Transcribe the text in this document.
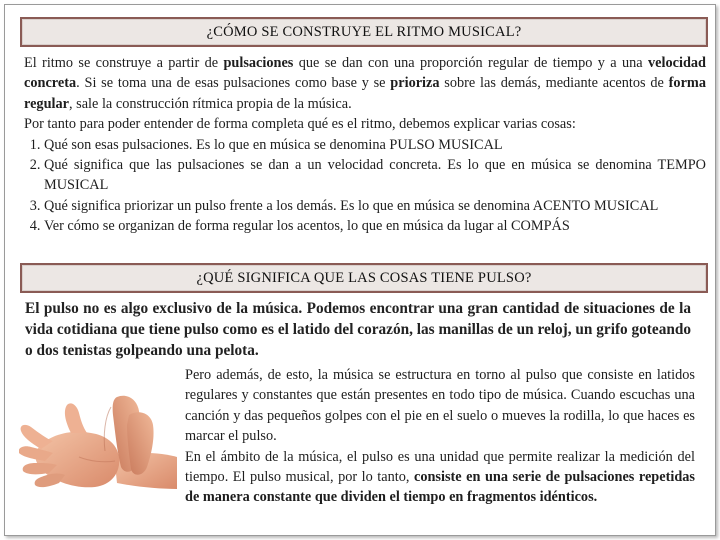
¿CÓMO SE CONSTRUYE EL RITMO MUSICAL?

El ritmo se construye a partir de pulsaciones que se dan con una proporción regular de tiempo y a una velocidad concreta. Si se toma una de esas pulsaciones como base y se prioriza sobre las demás, mediante acentos de forma regular, sale la construcción rítmica propia de la música.

Por tanto para poder entender de forma completa qué es el ritmo, debemos explicar varias cosas:

1. Qué son esas pulsaciones. Es lo que en música se denomina PULSO MUSICAL
2. Qué significa que las pulsaciones se dan a un velocidad concreta. Es lo que en música se denomina TEMPO MUSICAL
3. Qué significa priorizar un pulso frente a los demás. Es lo que en música se denomina ACENTO MUSICAL
4. Ver cómo se organizan de forma regular los acentos, lo que en música da lugar al COMPÁS
¿QUÉ SIGNIFICA QUE LAS COSAS TIENE PULSO?
El pulso no es algo exclusivo de la música. Podemos encontrar una gran cantidad de situaciones de la vida cotidiana que tiene pulso como es el latido del corazón, las manillas de un reloj, un grifo goteando o dos tenistas golpeando una pelota.

Pero además, de esto, la música se estructura en torno al pulso que consiste en latidos regulares y constantes que están presentes en todo tipo de música. Cuando escuchas una canción y das pequeños golpes con el pie en el suelo o mueves la rodilla, lo que haces es marcar el pulso.

En el ámbito de la música, el pulso es una unidad que permite realizar la medición del tiempo. El pulso musical, por lo tanto, consiste en una serie de pulsaciones repetidas de manera constante que dividen el tiempo en fragmentos idénticos.
